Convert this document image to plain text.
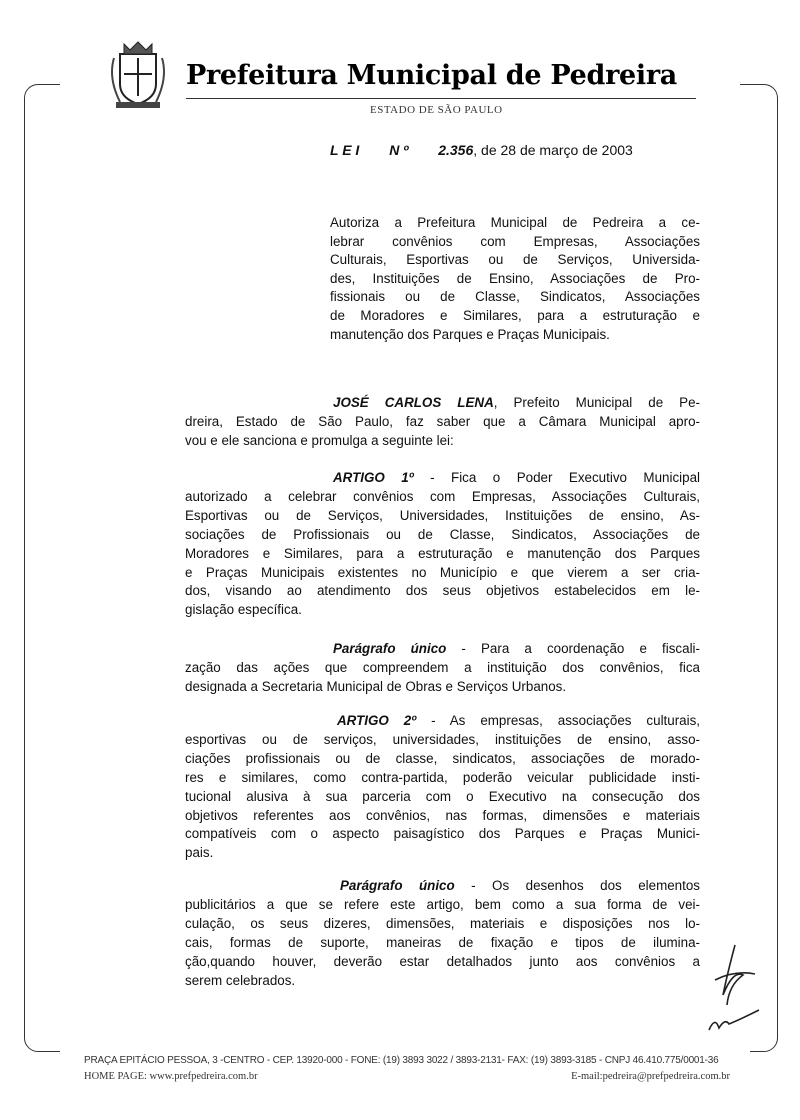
Prefeitura Municipal de Pedreira
ESTADO DE SÃO PAULO
L E I N º 2.356, de 28 de março de 2003
PRAÇA EPITÁCIO PESSOA, 3 -CENTRO - CEP. 13920-000 - FONE: (19) 3893 3022 / 3893-2131- FAX: (19) 3893-3185 - CNPJ 46.410.775/0001-36
HOME PAGE: www.prefpedreira.com.br	E-mail:pedreira@prefpedreira.com.br
Autoriza a Prefeitura Municipal de Pedreira a ce-
lebrar convênios com Empresas, Associações
Culturais, Esportivas ou de Serviços, Universida-
des, Instituições de Ensino, Associações de Pro-
fissionais ou de Classe, Sindicatos, Associações
de Moradores e Similares, para a estruturação e
manutenção dos Parques e Praças Municipais.
JOSÉ CARLOS LENA, Prefeito Municipal de Pe-
dreira, Estado de São Paulo, faz saber que a Câmara Municipal apro-
vou e ele sanciona e promulga a seguinte lei:
ARTIGO 1º - Fica o Poder Executivo Municipal
autorizado a celebrar convênios com Empresas, Associações Culturais,
Esportivas ou de Serviços, Universidades, Instituições de ensino, As-
sociações de Profissionais ou de Classe, Sindicatos, Associações de
Moradores e Similares, para a estruturação e manutenção dos Parques
e Praças Municipais existentes no Município e que vierem a ser cria-
dos, visando ao atendimento dos seus objetivos estabelecidos em le-
gislação específica.
Parágrafo único - Para a coordenação e fiscali-
zação das ações que compreendem a instituição dos convênios, fica
designada a Secretaria Municipal de Obras e Serviços Urbanos.
ARTIGO 2º - As empresas, associações culturais,
esportivas ou de serviços, universidades, instituições de ensino, asso-
ciações profissionais ou de classe, sindicatos, associações de morado-
res e similares, como contra-partida, poderão veicular publicidade insti-
tucional alusiva à sua parceria com o Executivo na consecução dos
objetivos referentes aos convênios, nas formas, dimensões e materiais
compatíveis com o aspecto paisagístico dos Parques e Praças Munici-
pais.
Parágrafo único - Os desenhos dos elementos
publicitários a que se refere este artigo, bem como a sua forma de vei-
culação, os seus dizeres, dimensões, materiais e disposições nos lo-
cais, formas de suporte, maneiras de fixação e tipos de ilumina-
ção,quando houver, deverão estar detalhados junto aos convênios a
serem celebrados.
